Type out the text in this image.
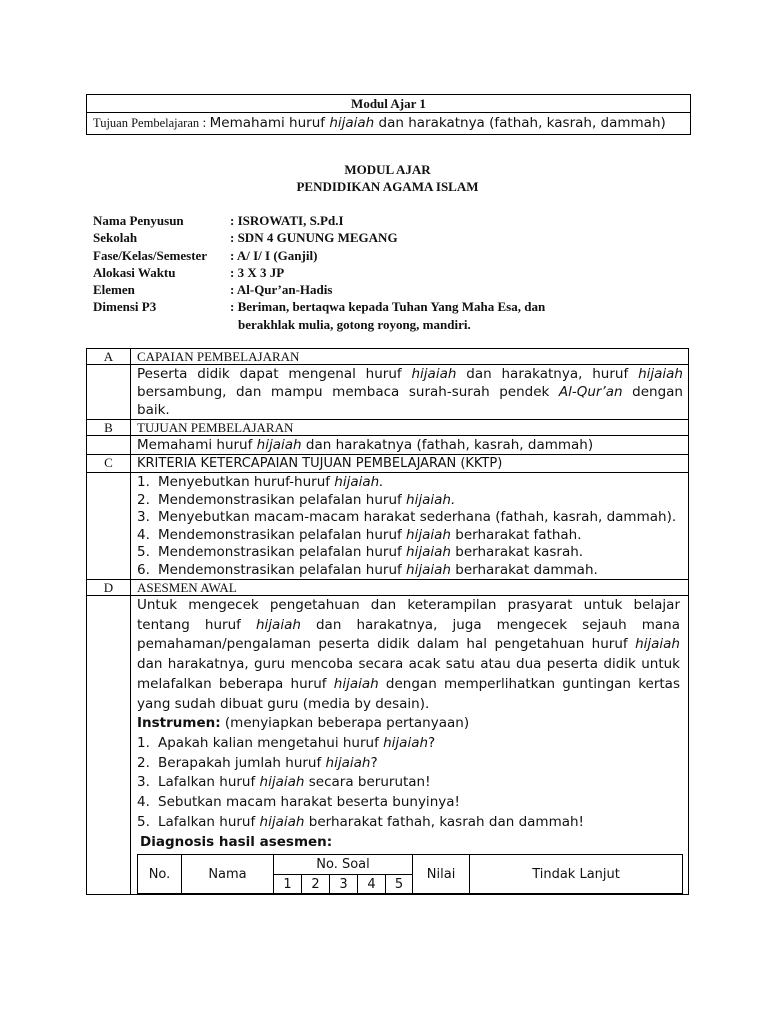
Modul Ajar 1
Tujuan Pembelajaran : Memahami huruf hijaiah dan harakatnya (fathah, kasrah, dammah)
MODUL AJAR
PENDIDIKAN AGAMA ISLAM
Nama Penyusun	: ISROWATI, S.Pd.I
Sekolah	: SDN 4 GUNUNG MEGANG
Fase/Kelas/Semester : A/ I/ I (Ganjil)
Alokasi Waktu	: 3 X 3 JP
Elemen	: Al-Qur’an-Hadis
Dimensi P3	: Beriman, bertaqwa kepada Tuhan Yang Maha Esa, dan
berakhlak mulia, gotong royong, mandiri.
A	CAPAIAN PEMBELAJARAN
	Peserta didik dapat mengenal huruf hijaiah dan harakatnya, huruf hijaiah bersambung, dan mampu membaca surah-surah pendek Al-Qur’an dengan baik.
B	TUJUAN PEMBELAJARAN
	Memahami huruf hijaiah dan harakatnya (fathah, kasrah, dammah)
C	KRITERIA KETERCAPAIAN TUJUAN PEMBELAJARAN (KKTP)

1. Menyebutkan huruf-huruf hijaiah.
2. Mendemonstrasikan pelafalan huruf hijaiah.
3. Menyebutkan macam-macam harakat sederhana (fathah, kasrah, dammah).
4. Mendemonstrasikan pelafalan huruf hijaiah berharakat fathah.
5. Mendemonstrasikan pelafalan huruf hijaiah berharakat kasrah.
6. Mendemonstrasikan pelafalan huruf hijaiah berharakat dammah.

D	ASESMEN AWAL

Untuk mengecek pengetahuan dan keterampilan prasyarat untuk belajar tentang huruf hijaiah dan harakatnya, juga mengecek sejauh mana pemahaman/pengalaman peserta didik dalam hal pengetahuan huruf hijaiah dan harakatnya, guru mencoba secara acak satu atau dua peserta didik untuk melafalkan beberapa huruf hijaiah dengan memperlihatkan guntingan kertas yang sudah dibuat guru (media by desain).
Instrumen: (menyiapkan beberapa pertanyaan)
1. Apakah kalian mengetahui huruf hijaiah?
2. Berapakah jumlah huruf hijaiah?
3. Lafalkan huruf hijaiah secara berurutan!
4. Sebutkan macam harakat beserta bunyinya!
5. Lafalkan huruf hijaiah berharakat fathah, kasrah dan dammah!
Diagnosis hasil asesmen:
No.	Nama	No. Soal	Nilai	Tindak Lanjut
1	2	3	4	5
